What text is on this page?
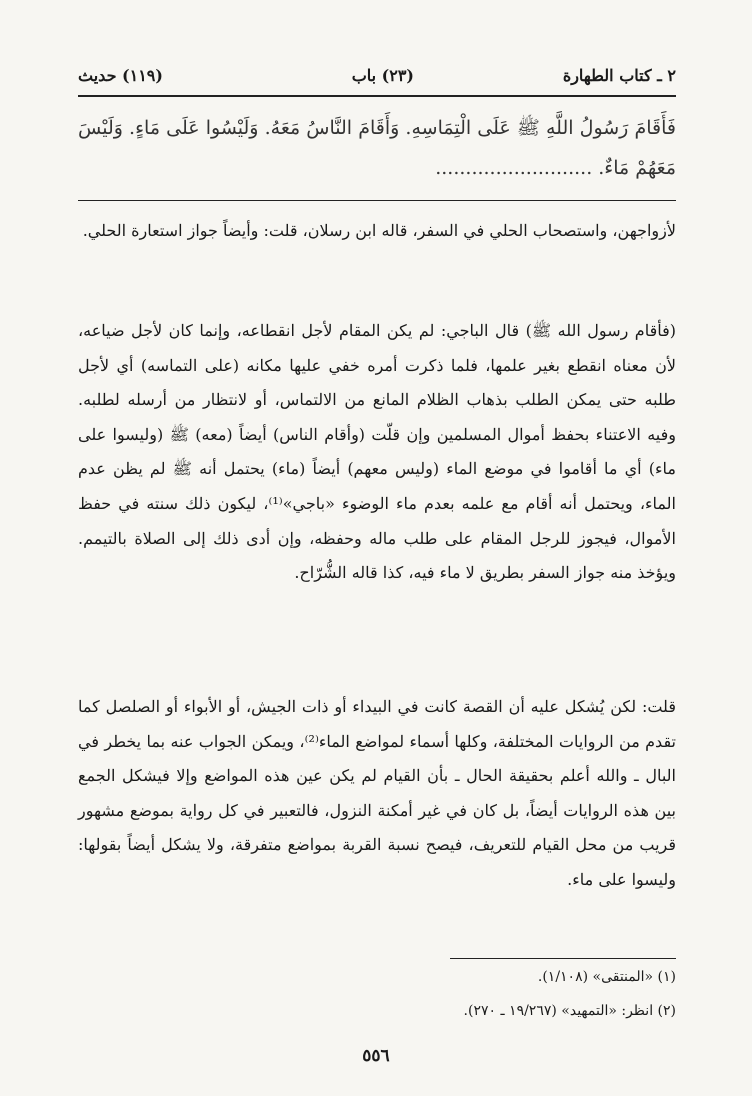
٢ ـ كتاب الطهارة
(٢٣) باب
(١١٩) حديث
فَأَقَامَ رَسُولُ اللَّهِ ﷺ عَلَى الْتِمَاسِهِ. وَأَقَامَ النَّاسُ مَعَهُ. وَلَيْسُوا عَلَى مَاءٍ. وَلَيْسَ مَعَهُمْ مَاءٌ. ..........................
لأزواجهن، واستصحاب الحلي في السفر، قاله ابن رسلان، قلت: وأيضاً جواز استعارة الحلي.
(فأقام رسول الله ﷺ) قال الباجي: لم يكن المقام لأجل انقطاعه، وإنما كان لأجل ضياعه، لأن معناه انقطع بغير علمها، فلما ذكرت أمره خفي عليها مكانه (على التماسه) أي لأجل طلبه حتى يمكن الطلب بذهاب الظلام المانع من الالتماس، أو لانتظار من أرسله لطلبه. وفيه الاعتناء بحفظ أموال المسلمين وإن قلّت (وأقام الناس) أيضاً (معه) ﷺ (وليسوا على ماء) أي ما أقاموا في موضع الماء (وليس معهم) أيضاً (ماء) يحتمل أنه ﷺ لم يظن عدم الماء، ويحتمل أنه أقام مع علمه بعدم ماء الوضوء «باجي»⁽¹⁾، ليكون ذلك سنته في حفظ الأموال، فيجوز للرجل المقام على طلب ماله وحفظه، وإن أدى ذلك إلى الصلاة بالتيمم. ويؤخذ منه جواز السفر بطريق لا ماء فيه، كذا قاله الشُّرّاح.
قلت: لكن يُشكل عليه أن القصة كانت في البيداء أو ذات الجيش، أو الأبواء أو الصلصل كما تقدم من الروايات المختلفة، وكلها أسماء لمواضع الماء⁽²⁾، ويمكن الجواب عنه بما يخطر في البال ـ والله أعلم بحقيقة الحال ـ بأن القيام لم يكن عين هذه المواضع وإلا فيشكل الجمع بين هذه الروايات أيضاً، بل كان في غير أمكنة النزول، فالتعبير في كل رواية بموضع مشهور قريب من محل القيام للتعريف، فيصح نسبة القربة بمواضع متفرقة، ولا يشكل أيضاً بقولها: وليسوا على ماء.
(١) «المنتقى» (١/١٠٨).
(٢) انظر: «التمهيد» (١٩/٢٦٧ ـ ٢٧٠).
٥٥٦
